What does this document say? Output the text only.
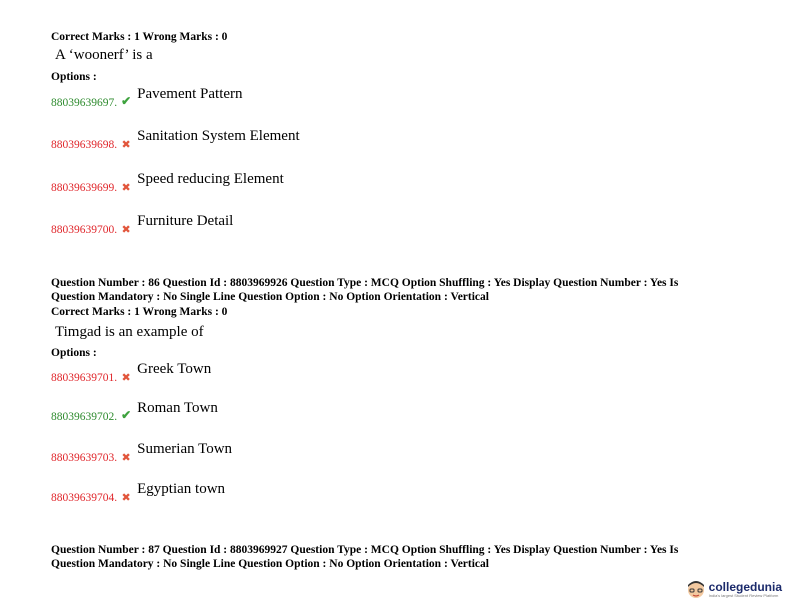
Correct Marks : 1 Wrong Marks : 0
A ‘woonerf’ is a
Options :
88039639697. ✔ Pavement Pattern
88039639698. ✖Sanitation System Element
88039639699. ✖Speed reducing Element
88039639700. ✖Furniture Detail
Question Number : 86 Question Id : 8803969926 Question Type : MCQ Option Shuffling : Yes Display Question Number : Yes Is
Question Mandatory : No Single Line Question Option : No Option Orientation : Vertical
Correct Marks : 1 Wrong Marks : 0
Timgad is an example of
Options :
88039639701. ✖Greek Town
88039639702. ✔ Roman Town
88039639703. ✖Sumerian Town
88039639704. ✖Egyptian town
Question Number : 87 Question Id : 8803969927 Question Type : MCQ Option Shuffling : Yes Display Question Number : Yes Is
Question Mandatory : No Single Line Question Option : No Option Orientation : Vertical
collegedunia
India's largest Student Review Platform
